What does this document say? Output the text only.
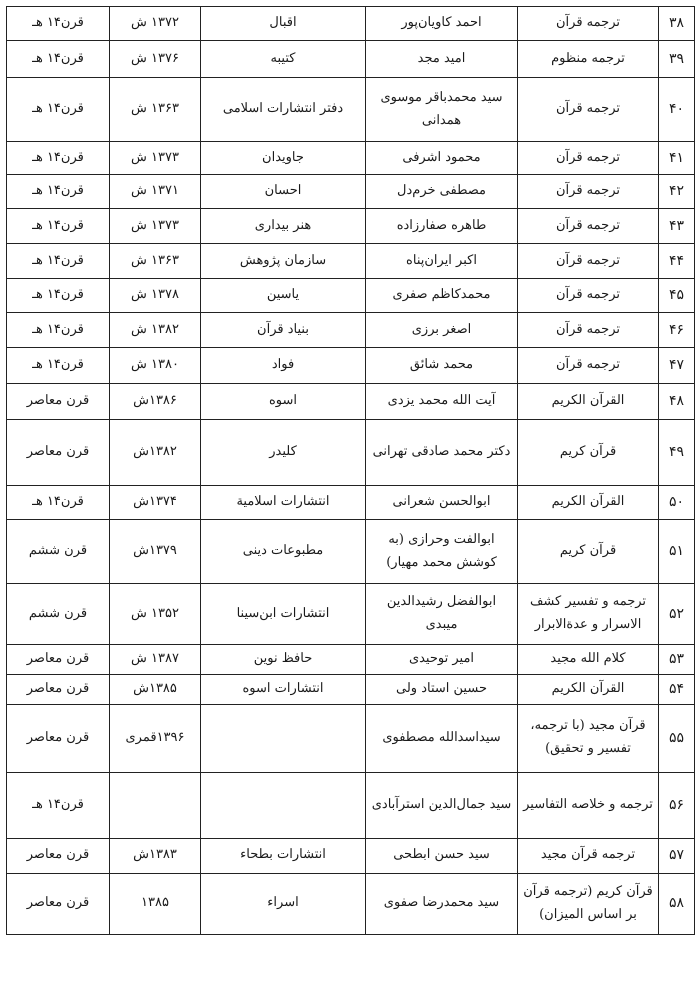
۳۸	ترجمه قرآن	احمد کاویان‌پور	اقبال	۱۳۷۲ ش	قرن۱۴ هـ
۳۹	ترجمه منظوم	امید مجد	کتیبه	۱۳۷۶ ش	قرن۱۴ هـ
۴۰	ترجمه قرآن	سید محمدباقر موسوی همدانی	دفتر انتشارات اسلامی	۱۳۶۳ ش	قرن۱۴ هـ
۴۱	ترجمه قرآن	محمود اشرفی	جاویدان	۱۳۷۳ ش	قرن۱۴ هـ
۴۲	ترجمه قرآن	مصطفی خرم‌دل	احسان	۱۳۷۱ ش	قرن۱۴ هـ
۴۳	ترجمه قرآن	طاهره صفارزاده	هنر بیداری	۱۳۷۳ ش	قرن۱۴ هـ
۴۴	ترجمه قرآن	اکبر ایران‌پناه	سازمان پژوهش	۱۳۶۳ ش	قرن۱۴ هـ
۴۵	ترجمه قرآن	محمدکاظم صفری	یاسین	۱۳۷۸ ش	قرن۱۴ هـ
۴۶	ترجمه قرآن	اصغر برزی	بنیاد قرآن	۱۳۸۲ ش	قرن۱۴ هـ
۴۷	ترجمه قرآن	محمد شائق	فواد	۱۳۸۰ ش	قرن۱۴ هـ
۴۸	القرآن الکریم	آیت الله محمد یزدی	اسوه	۱۳۸۶ش	قرن معاصر
۴۹	قرآن کریم	دکتر محمد صادقی تهرانی	کلیدر	۱۳۸۲ش	قرن معاصر
۵۰	القرآن الکریم	ابوالحسن شعرانی	انتشارات اسلامیة	۱۳۷۴ش	قرن۱۴ هـ
۵۱	قرآن کریم	ابوالفت وحرازی (به کوشش محمد مهیار)	مطبوعات دینی	۱۳۷۹ش	قرن ششم
۵۲	ترجمه و تفسیر کشف الاسرار و عدة‌الابرار	ابوالفضل رشیدالدین میبدی	انتشارات ابن‌سینا	۱۳۵۲ ش	قرن ششم
۵۳	کلام الله مجید	امیر توحیدی	حافظ نوین	۱۳۸۷ ش	قرن معاصر
۵۴	القرآن الکریم	حسین استاد ولی	انتشارات اسوه	۱۳۸۵ش	قرن معاصر
۵۵	قرآن مجید (با ترجمه، تفسیر و تحقیق)	سیداسدالله مصطفوی		۱۳۹۶قمری	قرن معاصر
۵۶	ترجمه و خلاصه التفاسیر	سید جمال‌الدین استرآبادی			قرن۱۴ هـ
۵۷	ترجمه قرآن مجید	سید حسن ابطحی	انتشارات بطحاء	۱۳۸۳ش	قرن معاصر
۵۸	قرآن کریم (ترجمه قرآن بر اساس المیزان)	سید محمدرضا صفوی	اسراء	۱۳۸۵	قرن معاصر
